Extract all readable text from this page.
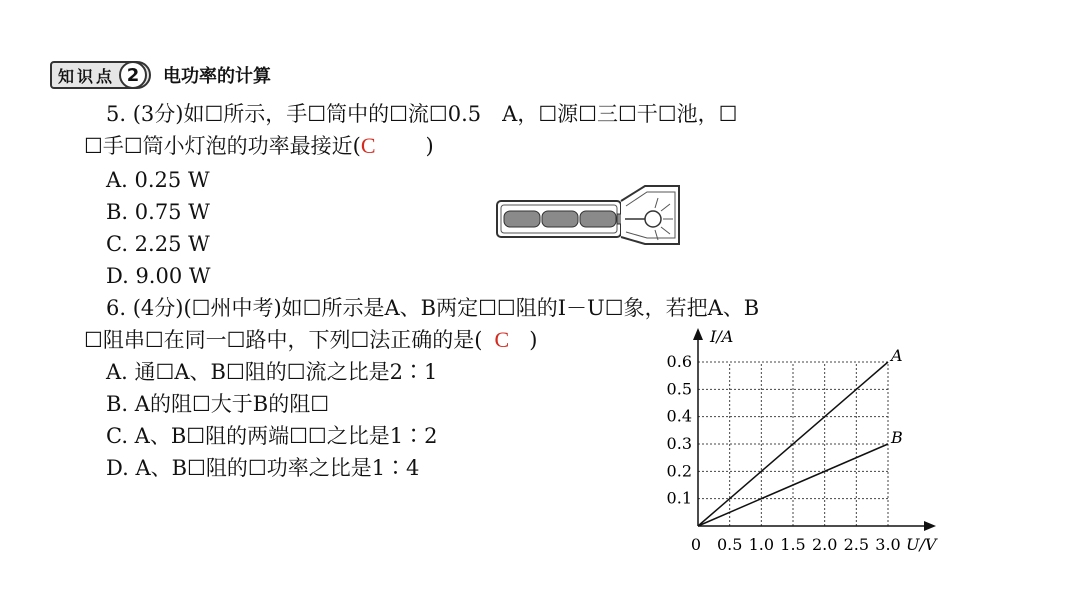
知识点 2	电功率的计算
5. (3分)如☐所示，手☐筒中的☐流☐0.5　A，☐源☐三☐干☐池，☐
☐手☐筒小灯泡的功率最接近(C )
A. 0.25 W
B. 0.75 W
C. 2.25 W
D. 9.00 W
6. (4分)(☐州中考)如☐所示是A、B两定☐☐阻的I－U☐象，若把A、B
☐阻串☐在同一☐路中，下列☐法正确的是( C )
A. 通☐A、B☐阻的☐流之比是2∶1
B. A的阻☐大于B的阻☐
C. A、B☐阻的两端☐☐之比是1∶2
D. A、B☐阻的☐功率之比是1∶4
0 0.5 1.0 1.5 2.0 2.5 3.0
0.1
0.2
0.3
0.4
0.5
0.6	A
B
I/A
U/V
